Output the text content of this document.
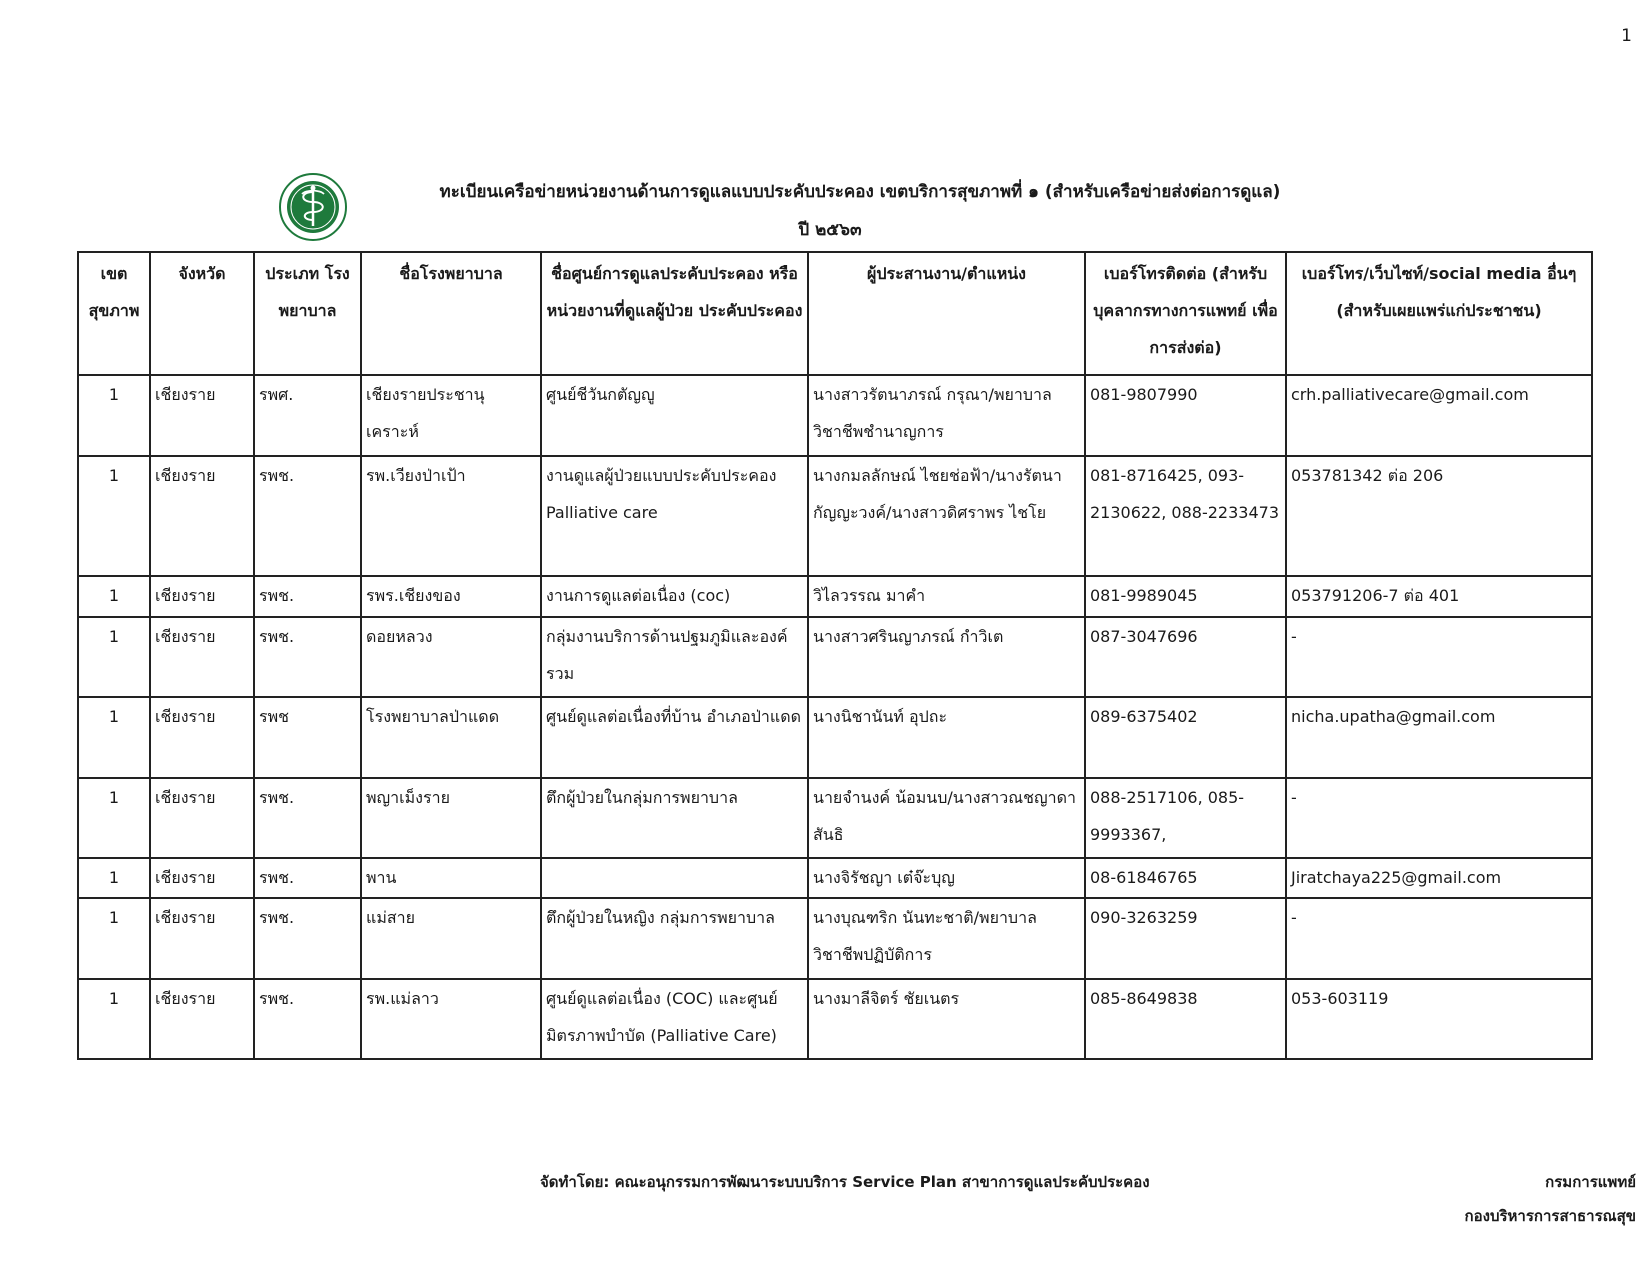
1
ทะเบียนเครือข่ายหน่วยงานด้านการดูแลแบบประคับประคอง เขตบริการสุขภาพที่ ๑ (สำหรับเครือข่ายส่งต่อการดูแล)
ปี ๒๕๖๓
เขต สุขภาพ	จังหวัด	ประเภท โรงพยาบาล	ชื่อโรงพยาบาล	ชื่อศูนย์การดูแลประคับประคอง หรือ หน่วยงานที่ดูแลผู้ป่วย ประคับประคอง	ผู้ประสานงาน/ตำแหน่ง	เบอร์โทรติดต่อ (สำหรับ บุคลากรทางการแพทย์ เพื่อการส่งต่อ)	เบอร์โทร/เว็บไซท์/social media อื่นๆ (สำหรับเผยแพร่แก่ประชาชน)
1	เชียงราย	รพศ.	เชียงรายประชานุเคราะห์	ศูนย์ชีวันกตัญญู	นางสาวรัตนาภรณ์ กรุณา/พยาบาลวิชาชีพชำนาญการ	081-9807990	crh.palliativecare@gmail.com
1	เชียงราย	รพช.	รพ.เวียงป่าเป้า	งานดูแลผู้ป่วยแบบประคับประคอง Palliative care	นางกมลลักษณ์ ไชยช่อฟ้า/นางรัตนากัญญะวงค์/นางสาวดิศราพร ไชโย	081-8716425, 093-2130622, 088-2233473	053781342 ต่อ 206
1	เชียงราย	รพช.	รพร.เชียงของ	งานการดูแลต่อเนื่อง (coc)	วิไลวรรณ มาคำ	081-9989045	053791206-7 ต่อ 401
1	เชียงราย	รพช.	ดอยหลวง	กลุ่มงานบริการด้านปฐมภูมิและองค์รวม	นางสาวศรินญาภรณ์ กำวิเต	087-3047696	-
1	เชียงราย	รพช	โรงพยาบาลป่าแดด	ศูนย์ดูแลต่อเนื่องที่บ้าน อำเภอป่าแดด	นางนิชานันท์ อุปถะ	089-6375402	nicha.upatha@gmail.com
1	เชียงราย	รพช.	พญาเม็งราย	ตึกผู้ป่วยในกลุ่มการพยาบาล	นายจำนงค์ น้อมนบ/นางสาวณชญาดา สันธิ	088-2517106, 085-9993367,	-
1	เชียงราย	รพช.	พาน		นางจิรัชญา เต๋จ๊ะบุญ	08-61846765	Jiratchaya225@gmail.com
1	เชียงราย	รพช.	แม่สาย	ตึกผู้ป่วยในหญิง กลุ่มการพยาบาล	นางบุณฑริก นันทะชาติ/พยาบาลวิชาชีพปฏิบัติการ	090-3263259	-
1	เชียงราย	รพช.	รพ.แม่ลาว	ศูนย์ดูแลต่อเนื่อง (COC) และศูนย์มิตรภาพบำบัด (Palliative Care)	นางมาลีจิตร์ ชัยเนตร	085-8649838	053-603119
จัดทำโดย: คณะอนุกรรมการพัฒนาระบบบริการ Service Plan สาขาการดูแลประคับประคอง	กรมการแพทย์
กองบริหารการสาธารณสุข
